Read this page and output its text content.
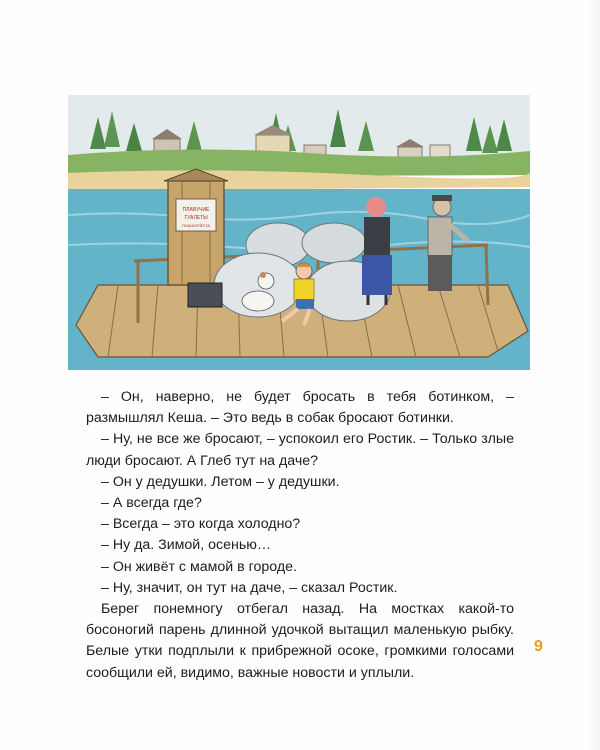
ПЛАВУЧИЕ
ТУАЛЕТЫ
ПОЖАЛУЙСТА

– Он, наверно, не будет бросать в тебя ботинком, – размышлял Кеша. – Это ведь в собак бросают ботинки.

– Ну, не все же бросают, – успокоил его Ростик. – Только злые люди бросают. А Глеб тут на даче?

– Он у дедушки. Летом – у дедушки.

– А всегда где?

– Всегда – это когда холодно?

– Ну да. Зимой, осенью…

– Он живёт с мамой в городе.

– Ну, значит, он тут на даче, – сказал Ростик.

Берег понемногу отбегал назад. На мостках какой-то босоногий парень длинной удочкой вытащил маленькую рыбку. Белые утки подплыли к прибрежной осоке, громкими голосами сообщили ей, видимо, важные новости и уплыли.

9
